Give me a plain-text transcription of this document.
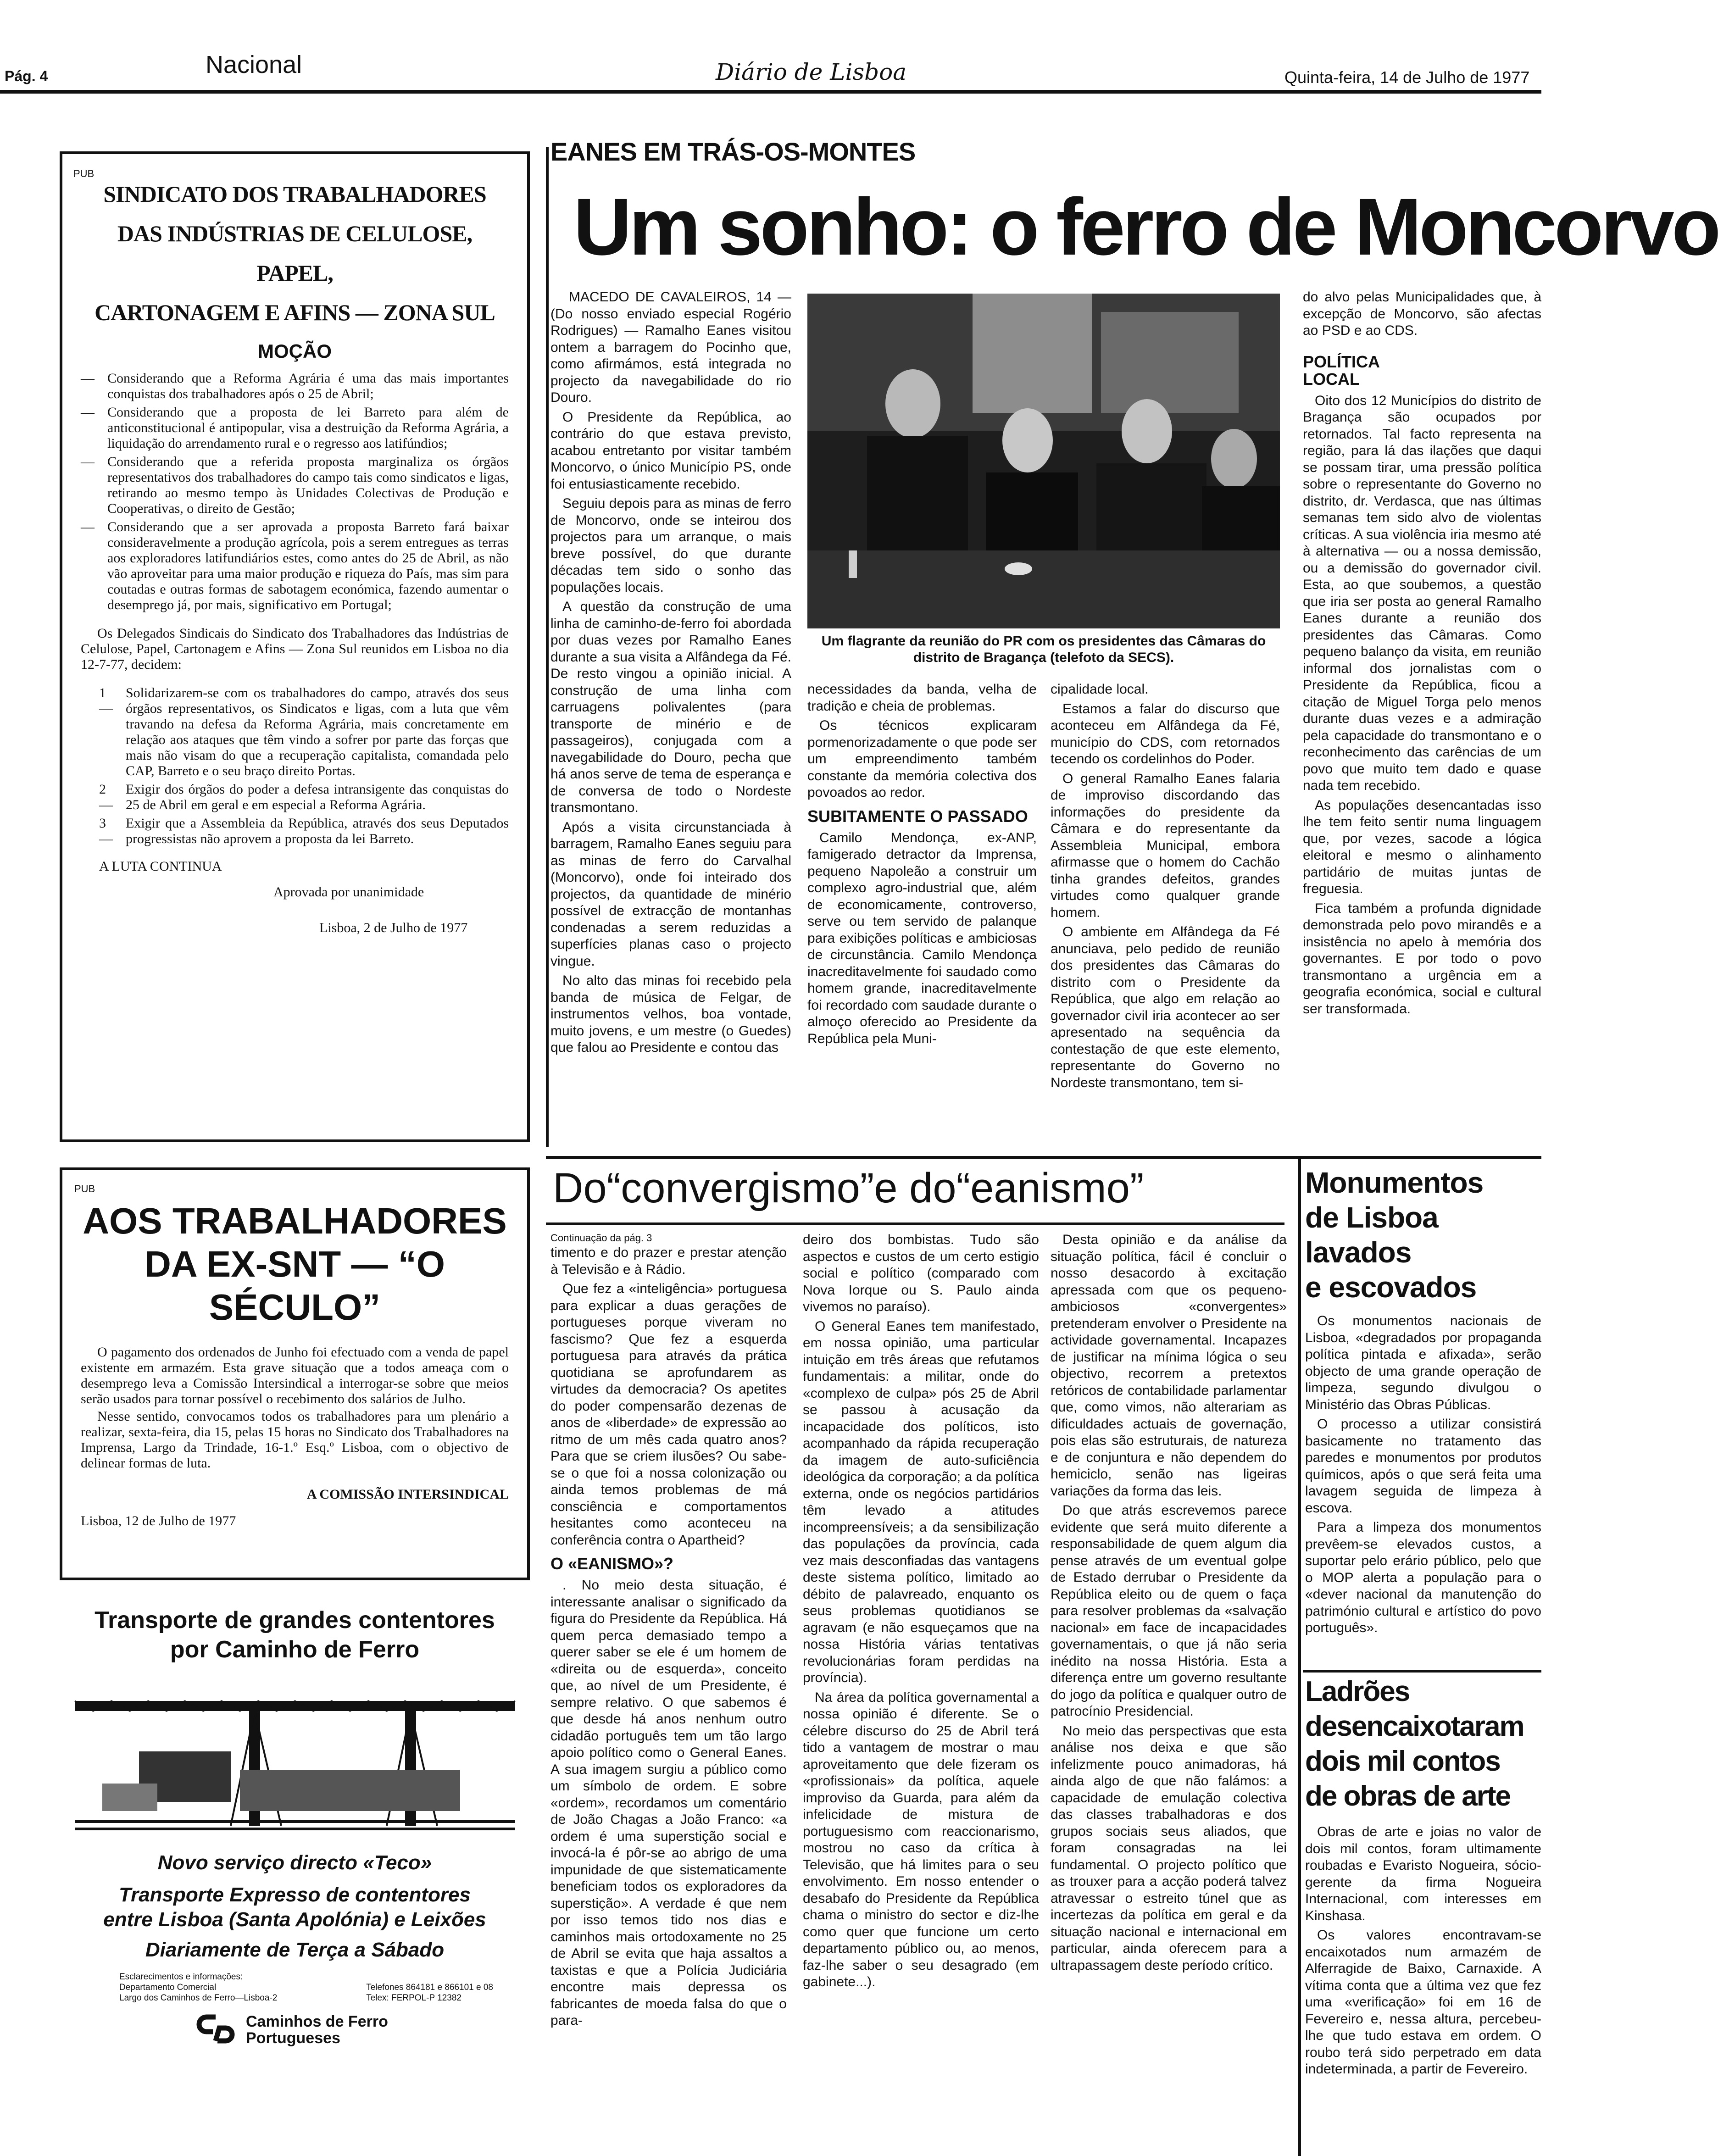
Pág. 4	Nacional	Diário de Lisboa	Quinta-feira, 14 de Julho de 1977
PUB
SINDICATO DOS TRABALHADORES
DAS INDÚSTRIAS DE CELULOSE, PAPEL,
CARTONAGEM E AFINS — ZONA SUL
MOÇÃO
— Considerando que a Reforma Agrária é uma das mais importantes conquistas dos trabalhadores após o 25 de Abril;
— Considerando que a proposta de lei Barreto para além de anticonstitucional é antipopular, visa a destruição da Reforma Agrária, a liquidação do arrendamento rural e o regresso aos latifúndios;
— Considerando que a referida proposta marginaliza os órgãos representativos dos trabalhadores do campo tais como sindicatos e ligas, retirando ao mesmo tempo às Unidades Colectivas de Produção e Cooperativas, o direito de Gestão;
— Considerando que a ser aprovada a proposta Barreto fará baixar consideravelmente a produção agrícola, pois a serem entregues as terras aos exploradores latifundiários estes, como antes do 25 de Abril, as não vão aproveitar para uma maior produção e riqueza do País, mas sim para coutadas e outras formas de sabotagem económica, fazendo aumentar o desemprego já, por mais, significativo em Portugal;

Os Delegados Sindicais do Sindicato dos Trabalhadores das Indústrias de Celulose, Papel, Cartonagem e Afins — Zona Sul reunidos em Lisboa no dia 12-7-77, decidem:

1 —
Solidarizarem-se com os trabalhadores do campo, através dos seus órgãos representativos, os Sindicatos e ligas, com a luta que vêm travando na defesa da Reforma Agrária, mais concretamente em relação aos ataques que têm vindo a sofrer por parte das forças que mais não visam do que a recuperação capitalista, comandada pelo CAP, Barreto e o seu braço direito Portas.
2 —
Exigir dos órgãos do poder a defesa intransigente das conquistas do 25 de Abril em geral e em especial a Reforma Agrária.
3 —
Exigir que a Assembleia da República, através dos seus Deputados progressistas não aprovem a proposta da lei Barreto.

A LUTA CONTINUA

Aprovada por unanimidade

Lisboa, 2 de Julho de 1977

PUB
AOS TRABALHADORES
DA EX-SNT — “O SÉCULO”

O pagamento dos ordenados de Junho foi efectuado com a venda de papel existente em armazém. Esta grave situação que a todos ameaça com o desemprego leva a Comissão Intersindical a interrogar-se sobre que meios serão usados para tornar possível o recebimento dos salários de Julho.

Nesse sentido, convocamos todos os trabalhadores para um plenário a realizar, sexta-feira, dia 15, pelas 15 horas no Sindicato dos Trabalhadores na Imprensa, Largo da Trindade, 16-1.º Esq.º Lisboa, com o objectivo de delinear formas de luta.

A COMISSÃO INTERSINDICAL

Lisboa, 12 de Julho de 1977

Transporte de grandes contentores
por Caminho de Ferro
Novo serviço directo «Teco»
Transporte Expresso de contentores
entre Lisboa (Santa Apolónia) e Leixões
Diariamente de Terça a Sábado
Esclarecimentos e informações:
Departamento Comercial
Largo dos Caminhos de Ferro—Lisboa-2
Telefones 864181 e 866101 e 08
Telex: FERPOL-P 12382
Caminhos de Ferro
Portugueses
EANES EM TRÁS-OS-MONTES
Um sonho: o ferro de Moncorvo

MACEDO DE CAVALEIROS, 14 — (Do nosso enviado especial Rogério Rodrigues) — Ramalho Eanes visitou ontem a barragem do Pocinho que, como afirmámos, está integrada no projecto da navegabilidade do rio Douro.

O Presidente da República, ao contrário do que estava previsto, acabou entretanto por visitar também Moncorvo, o único Município PS, onde foi entusiasticamente recebido.

Seguiu depois para as minas de ferro de Moncorvo, onde se inteirou dos projectos para um arranque, o mais breve possível, do que durante décadas tem sido o sonho das populações locais.

A questão da construção de uma linha de caminho-de-ferro foi abordada por duas vezes por Ramalho Eanes durante a sua visita a Alfândega da Fé. De resto vingou a opinião inicial. A construção de uma linha com carruagens polivalentes (para transporte de minério e de passageiros), conjugada com a navegabilidade do Douro, pecha que há anos serve de tema de esperança e de conversa de todo o Nordeste transmontano.

Após a visita circunstanciada à barragem, Ramalho Eanes seguiu para as minas de ferro do Carvalhal (Moncorvo), onde foi inteirado dos projectos, da quantidade de minério possível de extracção de montanhas condenadas a serem reduzidas a superfícies planas caso o projecto vingue.

No alto das minas foi recebido pela banda de música de Felgar, de instrumentos velhos, boa vontade, muito jovens, e um mestre (o Guedes) que falou ao Presidente e contou das

Um flagrante da reunião do PR com os presidentes das Câmaras do distrito de Bragança (telefoto da SECS).

necessidades da banda, velha de tradição e cheia de problemas.

Os técnicos explicaram pormenorizadamente o que pode ser um empreendimento também constante da memória colectiva dos povoados ao redor.

SUBITAMENTE O PASSADO

Camilo Mendonça, ex-ANP, famigerado detractor da Imprensa, pequeno Napoleão a construir um complexo agro-industrial que, além de economicamente, controverso, serve ou tem servido de palanque para exibições políticas e ambiciosas de circunstância. Camilo Mendonça inacreditavelmente foi saudado como homem grande, inacreditavelmente foi recordado com saudade durante o almoço oferecido ao Presidente da República pela Muni-

cipalidade local.

Estamos a falar do discurso que aconteceu em Alfândega da Fé, município do CDS, com retornados tecendo os cordelinhos do Poder.

O general Ramalho Eanes falaria de improviso discordando das informações do presidente da Câmara e do representante da Assembleia Municipal, embora afirmasse que o homem do Cachão tinha grandes defeitos, grandes virtudes como qualquer grande homem.

O ambiente em Alfândega da Fé anunciava, pelo pedido de reunião dos presidentes das Câmaras do distrito com o Presidente da República, que algo em relação ao governador civil iria acontecer ao ser apresentado na sequência da contestação de que este elemento, representante do Governo no Nordeste transmontano, tem si-

do alvo pelas Municipalidades que, à excepção de Moncorvo, são afectas ao PSD e ao CDS.

POLÍTICA LOCAL

Oito dos 12 Municípios do distrito de Bragança são ocupados por retornados. Tal facto representa na região, para lá das ilações que daqui se possam tirar, uma pressão política sobre o representante do Governo no distrito, dr. Verdasca, que nas últimas semanas tem sido alvo de violentas críticas. A sua violência iria mesmo até à alternativa — ou a nossa demissão, ou a demissão do governador civil. Esta, ao que soubemos, a questão que iria ser posta ao general Ramalho Eanes durante a reunião dos presidentes das Câmaras. Como pequeno balanço da visita, em reunião informal dos jornalistas com o Presidente da República, ficou a citação de Miguel Torga pelo menos durante duas vezes e a admiração pela capacidade do transmontano e o reconhecimento das carências de um povo que muito tem dado e quase nada tem recebido.

As populações desencantadas isso lhe tem feito sentir numa linguagem que, por vezes, sacode a lógica eleitoral e mesmo o alinhamento partidário de muitas juntas de freguesia.

Fica também a profunda dignidade demonstrada pelo povo mirandês e a insistência no apelo à memória dos governantes. E por todo o povo transmontano a urgência em a geografia económica, social e cultural ser transformada.

Do“convergismo”e do“eanismo”
Continuação da pág. 3

timento e do prazer e prestar atenção à Televisão e à Rádio.

Que fez a «inteligência» portuguesa para explicar a duas gerações de portugueses porque viveram no fascismo? Que fez a esquerda portuguesa para através da prática quotidiana se aprofundarem as virtudes da democracia? Os apetites do poder compensarão dezenas de anos de «liberdade» de expressão ao ritmo de um mês cada quatro anos? Para que se criem ilusões? Ou sabe-se o que foi a nossa colonização ou ainda temos problemas de má consciência e comportamentos hesitantes como aconteceu na conferência contra o Apartheid?

O «EANISMO»?

. No meio desta situação, é interessante analisar o significado da figura do Presidente da República. Há quem perca demasiado tempo a querer saber se ele é um homem de «direita ou de esquerda», conceito que, ao nível de um Presidente, é sempre relativo. O que sabemos é que desde há anos nenhum outro cidadão português tem um tão largo apoio político como o General Eanes. A sua imagem surgiu a público como um símbolo de ordem. E sobre «ordem», recordamos um comentário de João Chagas a João Franco: «a ordem é uma superstição social e invocá-la é pôr-se ao abrigo de uma impunidade de que sistematicamente beneficiam todos os exploradores da superstição». A verdade é que nem por isso temos tido nos dias e caminhos mais ortodoxamente no 25 de Abril se evita que haja assaltos a taxistas e que a Polícia Judiciária encontre mais depressa os fabricantes de moeda falsa do que o para-

deiro dos bombistas. Tudo são aspectos e custos de um certo estigio social e político (comparado com Nova Iorque ou S. Paulo ainda vivemos no paraíso).

O General Eanes tem manifestado, em nossa opinião, uma particular intuição em três áreas que refutamos fundamentais: a militar, onde do «complexo de culpa» pós 25 de Abril se passou à acusação da incapacidade dos políticos, isto acompanhado da rápida recuperação da imagem de auto-suficiência ideológica da corporação; a da política externa, onde os negócios partidários têm levado a atitudes incompreensíveis; a da sensibilização das populações da província, cada vez mais desconfiadas das vantagens deste sistema político, limitado ao débito de palavreado, enquanto os seus problemas quotidianos se agravam (e não esqueçamos que na nossa História várias tentativas revolucionárias foram perdidas na província).

Na área da política governamental a nossa opinião é diferente. Se o célebre discurso do 25 de Abril terá tido a vantagem de mostrar o mau aproveitamento que dele fizeram os «profissionais» da política, aquele improviso da Guarda, para além da infelicidade de mistura de portuguesismo com reaccionarismo, mostrou no caso da crítica à Televisão, que há limites para o seu envolvimento. Em nosso entender o desabafo do Presidente da República chama o ministro do sector e diz-lhe como quer que funcione um certo departamento público ou, ao menos, faz-lhe saber o seu desagrado (em gabinete...).

Desta opinião e da análise da situação política, fácil é concluir o nosso desacordo à excitação apressada com que os pequeno-ambiciosos «convergentes» pretenderam envolver o Presidente na actividade governamental. Incapazes de justificar na mínima lógica o seu objectivo, recorrem a pretextos retóricos de contabilidade parlamentar que, como vimos, não alterariam as dificuldades actuais de governação, pois elas são estruturais, de natureza e de conjuntura e não dependem do hemiciclo, senão nas ligeiras variações da forma das leis.

Do que atrás escrevemos parece evidente que será muito diferente a responsabilidade de quem algum dia pense através de um eventual golpe de Estado derrubar o Presidente da República eleito ou de quem o faça para resolver problemas da «salvação nacional» em face de incapacidades governamentais, o que já não seria inédito na nossa História. Esta a diferença entre um governo resultante do jogo da política e qualquer outro de patrocínio Presidencial.

No meio das perspectivas que esta análise nos deixa e que são infelizmente pouco animadoras, há ainda algo de que não falámos: a capacidade de emulação colectiva das classes trabalhadoras e dos grupos sociais seus aliados, que foram consagradas na lei fundamental. O projecto político que as trouxer para a acção poderá talvez atravessar o estreito túnel que as incertezas da política em geral e da situação nacional e internacional em particular, ainda oferecem para a ultrapassagem deste período crítico.

Monumentos
de Lisboa
lavados
e escovados

Os monumentos nacionais de Lisboa, «degradados por propaganda política pintada e afixada», serão objecto de uma grande operação de limpeza, segundo divulgou o Ministério das Obras Públicas.

O processo a utilizar consistirá basicamente no tratamento das paredes e monumentos por produtos químicos, após o que será feita uma lavagem seguida de limpeza à escova.

Para a limpeza dos monumentos prevêem-se elevados custos, a suportar pelo erário público, pelo que o MOP alerta a população para o «dever nacional da manutenção do património cultural e artístico do povo português».

Ladrões
desencaixotaram
dois mil contos
de obras de arte

Obras de arte e joias no valor de dois mil contos, foram ultimamente roubadas e Evaristo Nogueira, sócio-gerente da firma Nogueira Internacional, com interesses em Kinshasa.

Os valores encontravam-se encaixotados num armazém de Alferragide de Baixo, Carnaxide. A vítima conta que a última vez que fez uma «verificação» foi em 16 de Fevereiro e, nessa altura, percebeu-lhe que tudo estava em ordem. O roubo terá sido perpetrado em data indeterminada, a partir de Fevereiro.
